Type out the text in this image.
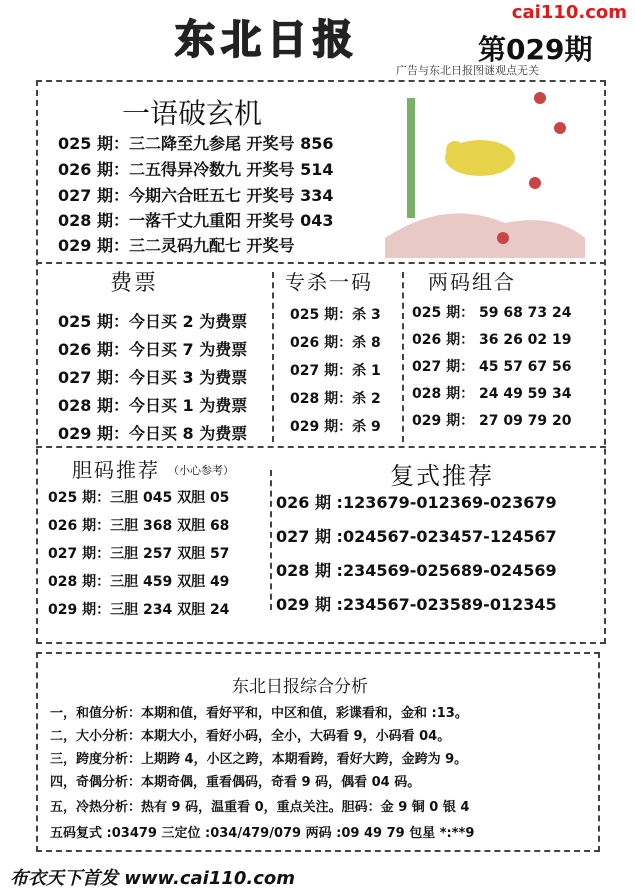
cai110.com
东北日报	第029期
广告与东北日报图谜观点无关
一语破玄机
025 期：三二降至九参尾 开奖号 856
026 期：二五得异冷数九 开奖号 514
027 期：今期六合旺五七 开奖号 334
028 期：一落千丈九重阳 开奖号 043
029 期：三二灵码九配七 开奖号
费票
025 期：今日买 2 为费票
026 期：今日买 7 为费票
027 期：今日买 3 为费票
028 期：今日买 1 为费票
029 期：今日买 8 为费票
专杀一码
025 期：杀 3
026 期：杀 8
027 期：杀 1
028 期：杀 2
029 期：杀 9
两码组合
025 期： 59 68 73 24
026 期： 36 26 02 19
027 期： 45 57 67 56
028 期： 24 49 59 34
029 期： 27 09 79 20
胆码推荐 （小心参考）
025 期：三胆 045 双胆 05
026 期：三胆 368 双胆 68
027 期：三胆 257 双胆 57
028 期：三胆 459 双胆 49
029 期：三胆 234 双胆 24
复式推荐
026 期 :123679-012369-023679
027 期 :024567-023457-124567
028 期 :234569-025689-024569
029 期 :234567-023589-012345
东北日报综合分析
一，和值分析：本期和值，看好平和，中区和值，彩谍看和，金和 :13。
二，大小分析：本期大小，看好小码，全小，大码看 9，小码看 04。
三，跨度分析：上期跨 4，小区之跨，本期看跨，看好大跨，金跨为 9。
四，奇偶分析：本期奇偶，重看偶码，奇看 9 码，偶看 04 码。
五，冷热分析：热有 9 码，温重看 0，重点关注。胆码：金 9 铜 0 银 4
五码复式 :03479 三定位 :034/479/079 两码 :09 49 79 包星 *:**9
布衣天下首发 www.cai110.com
